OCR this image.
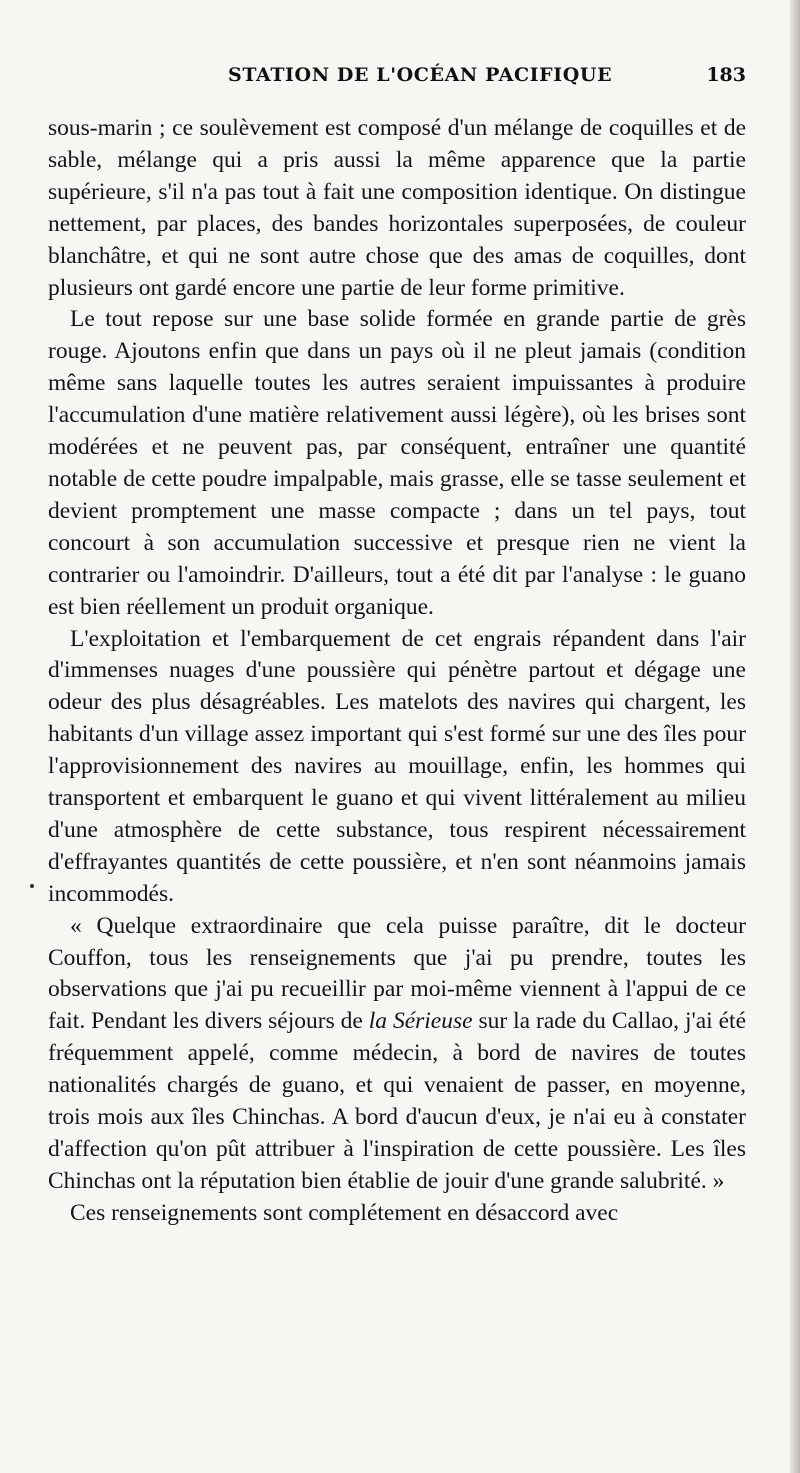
STATION DE L'OCÉAN PACIFIQUE	183

sous-marin ; ce soulèvement est composé d'un mélange de coquilles et de sable, mélange qui a pris aussi la même apparence que la partie supérieure, s'il n'a pas tout à fait une composition identique. On distingue nettement, par places, des bandes horizontales superposées, de couleur blanchâtre, et qui ne sont autre chose que des amas de coquilles, dont plusieurs ont gardé encore une partie de leur forme primitive.

Le tout repose sur une base solide formée en grande partie de grès rouge. Ajoutons enfin que dans un pays où il ne pleut jamais (condition même sans laquelle toutes les autres seraient impuissantes à produire l'accumulation d'une matière relativement aussi légère), où les brises sont modérées et ne peuvent pas, par conséquent, entraîner une quantité notable de cette poudre impalpable, mais grasse, elle se tasse seulement et devient promptement une masse compacte ; dans un tel pays, tout concourt à son accumulation successive et presque rien ne vient la contrarier ou l'amoindrir. D'ailleurs, tout a été dit par l'analyse : le guano est bien réellement un produit organique.

L'exploitation et l'embarquement de cet engrais répandent dans l'air d'immenses nuages d'une poussière qui pénètre partout et dégage une odeur des plus désagréables. Les matelots des navires qui chargent, les habitants d'un village assez important qui s'est formé sur une des îles pour l'approvisionnement des navires au mouillage, enfin, les hommes qui transportent et embarquent le guano et qui vivent littéralement au milieu d'une atmosphère de cette substance, tous respirent nécessairement d'effrayantes quantités de cette poussière, et n'en sont néanmoins jamais incommodés.

« Quelque extraordinaire que cela puisse paraître, dit le docteur Couffon, tous les renseignements que j'ai pu prendre, toutes les observations que j'ai pu recueillir par moi-même viennent à l'appui de ce fait. Pendant les divers séjours de la Sérieuse sur la rade du Callao, j'ai été fréquemment appelé, comme médecin, à bord de navires de toutes nationalités chargés de guano, et qui venaient de passer, en moyenne, trois mois aux îles Chinchas. A bord d'aucun d'eux, je n'ai eu à constater d'affection qu'on pût attribuer à l'inspiration de cette poussière. Les îles Chinchas ont la réputation bien établie de jouir d'une grande salubrité. »

Ces renseignements sont complétement en désaccord avec
